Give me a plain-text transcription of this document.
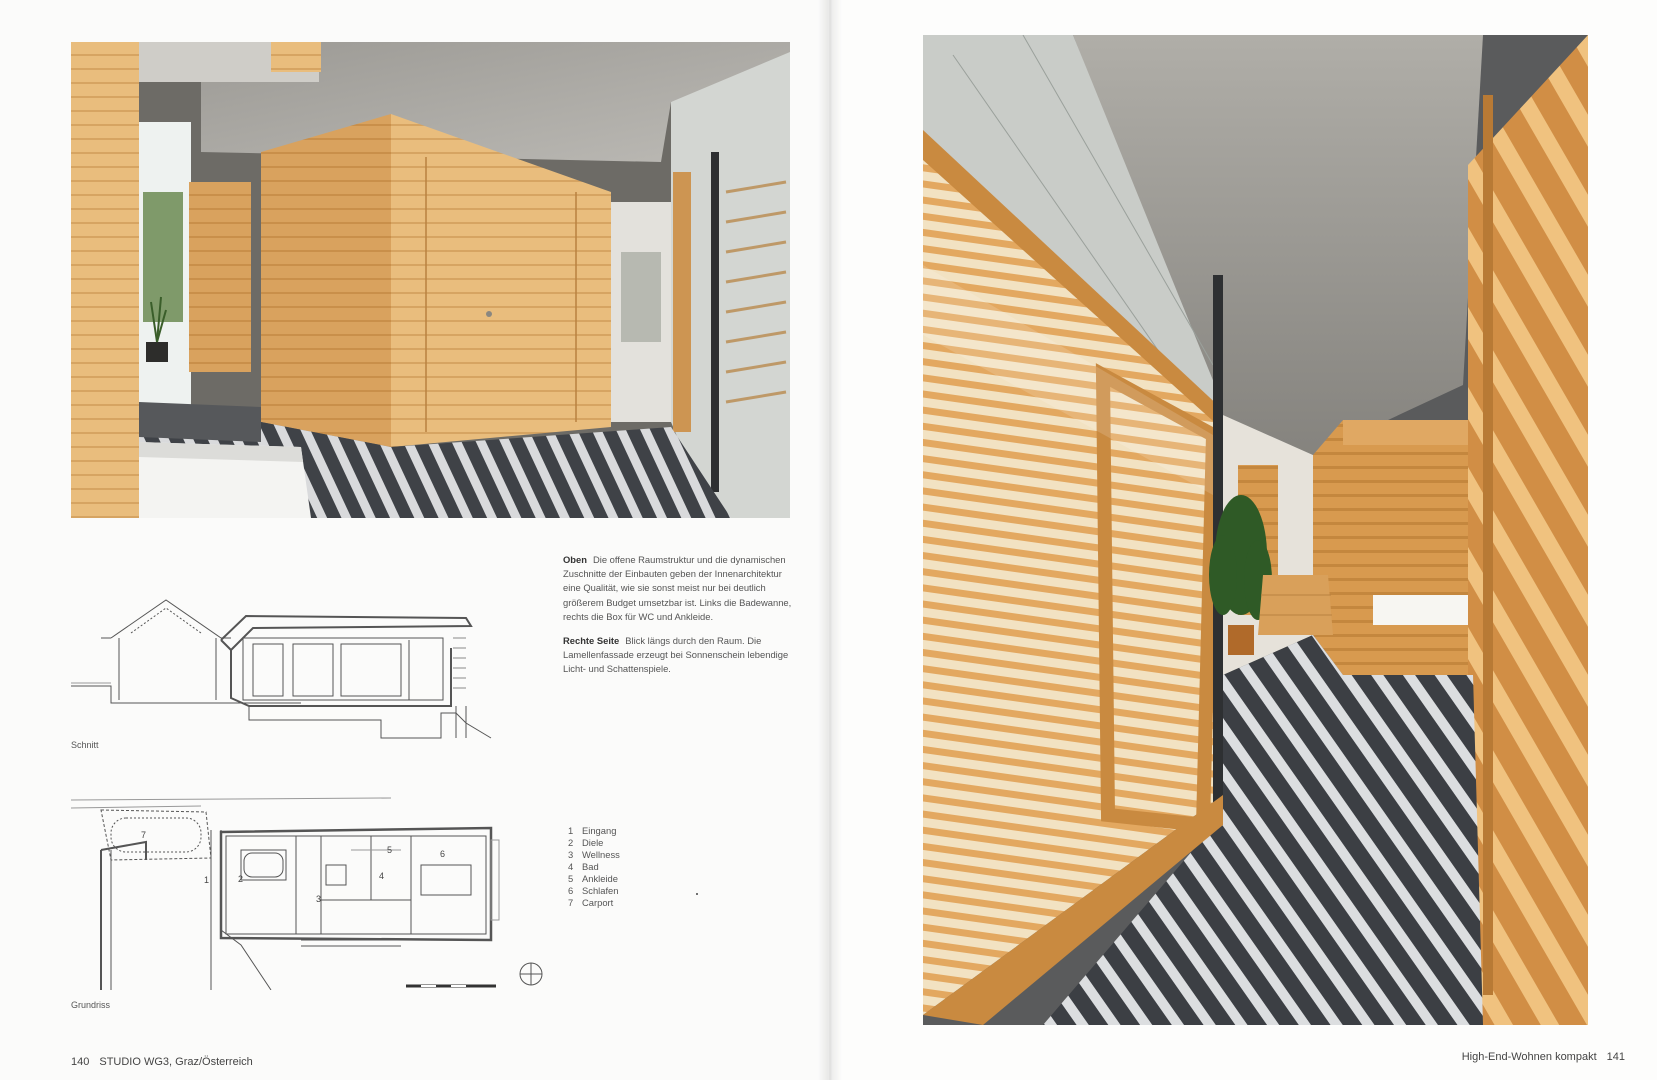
Oben Die offene Raumstruktur und die dynamischen Zuschnitte der Einbauten geben der Innenarchitektur eine Qualität, wie sie sonst meist nur bei deutlich größerem Budget umsetzbar ist. Links die Badewanne, rechts die Box für WC und Ankleide.

Rechte Seite Blick längs durch den Raum. Die Lamellenfassade erzeugt bei Sonnenschein lebendige Licht- und Schattenspiele.

Schnitt
7
1	2
3
4
5	6
Grundriss
1 Eingang
2 Diele
3 Wellness
4 Bad
5 Ankleide
6 Schlafen
7 Carport
140 STUDIO WG3, Graz/Österreich	High-End-Wohnen kompakt 141
